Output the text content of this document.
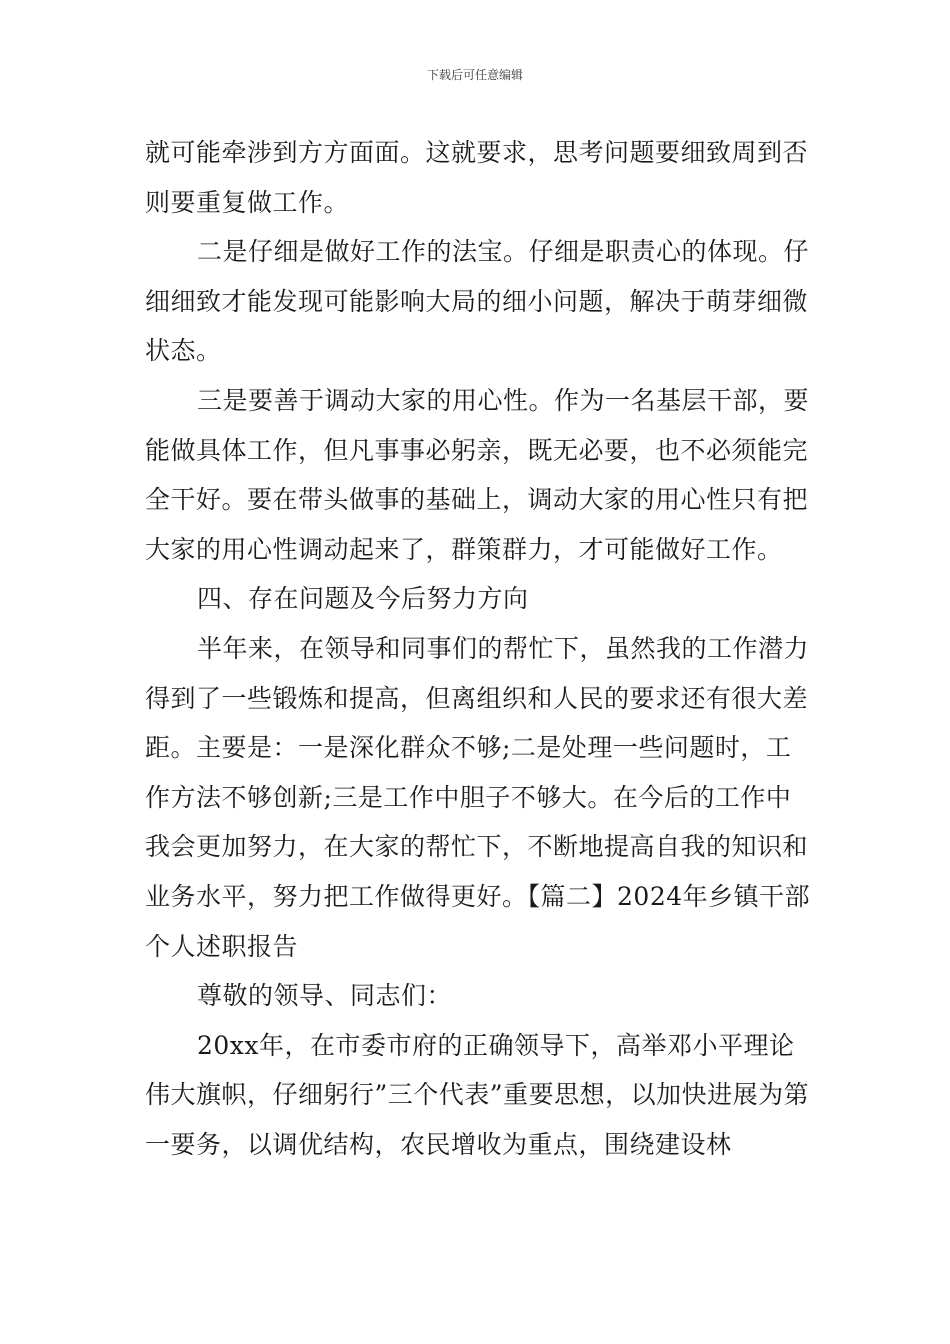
下载后可任意编辑

就可能牵涉到方方面面。这就要求，思考问题要细致周到否则要重复做工作。

二是仔细是做好工作的法宝。仔细是职责心的体现。仔细细致才能发现可能影响大局的细小问题，解决于萌芽细微状态。

三是要善于调动大家的用心性。作为一名基层干部，要能做具体工作，但凡事事必躬亲，既无必要，也不必须能完全干好。要在带头做事的基础上，调动大家的用心性只有把大家的用心性调动起来了，群策群力，才可能做好工作。

四、存在问题及今后努力方向

半年来，在领导和同事们的帮忙下，虽然我的工作潜力得到了一些锻炼和提高，但离组织和人民的要求还有很大差距。主要是：一是深化群众不够;二是处理一些问题时，工作方法不够创新;三是工作中胆子不够大。在今后的工作中我会更加努力，在大家的帮忙下，不断地提高自我的知识和业务水平，努力把工作做得更好。【篇二】2024年乡镇干部个人述职报告

尊敬的领导、同志们：

20xx年，在市委市府的正确领导下，高举邓小平理论伟大旗帜，仔细躬行”三个代表”重要思想，以加快进展为第一要务，以调优结构，农民增收为重点，围绕建设林
